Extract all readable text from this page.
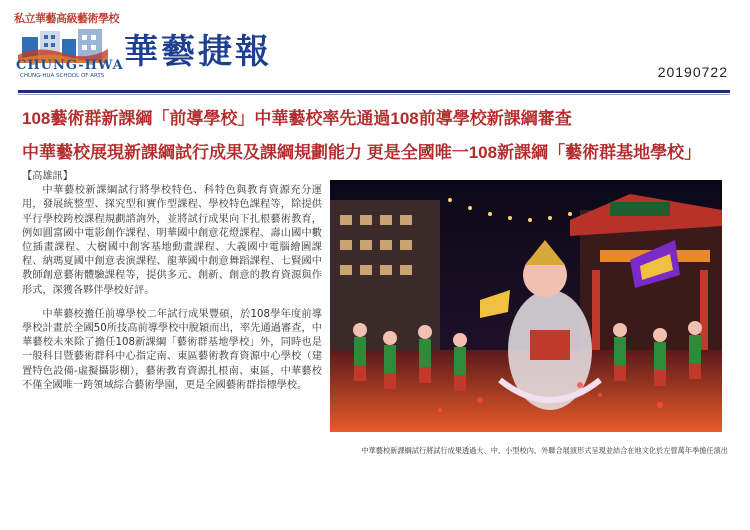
私立華藝高級藝術學校
CHUNG-HWA
CHUNG-HUA SCHOOL OF ARTS
華藝捷報	20190722
108藝術群新課綱「前導學校」中華藝校率先通過108前導學校新課綱審查
中華藝校展現新課綱試行成果及課綱規劃能力 更是全國唯一108新課綱「藝術群基地學校」

【高雄訊】

中華藝校新課綱試行將學校特色、科特色與教育資源充分運用，發展統整型、探究型和實作型課程、學校特色課程等，除提供平行學校跨校課程規劃諮詢外，並將試行成果向下扎根藝術教育，例如圓富國中電影創作課程、明華國中創意花燈課程、壽山國中數位插畫課程、大樹國中創客基地動畫課程、大義國中電腦繪圖課程、納瑪夏國中創意表演課程、龍華國中創意舞蹈課程、七賢國中教師創意藝術體驗課程等，提供多元、創新、創意的教育資源與作形式，深獲各夥伴學校好評。

中華藝校擔任前導學校二年試行成果豐碩，於108學年度前導學校計畫於全國50所技高前導學校中脫穎而出，率先通過審查，中華藝校未來除了擔任108新課綱「藝術群基地學校」外，同時也是一般科目暨藝術群科中心指定南、東區藝術教育資源中心學校（建置特色設備-虛擬攝影棚），藝術教育資源扎根南、東區，中華藝校不僅全國唯一跨領域綜合藝術學園，更是全國藝術群指標學校。

中華藝校新課綱試行將試行成果透過大、中、小型校內、外聯合展演形式呈現並結合在地文化於左營萬年季擔任演出
